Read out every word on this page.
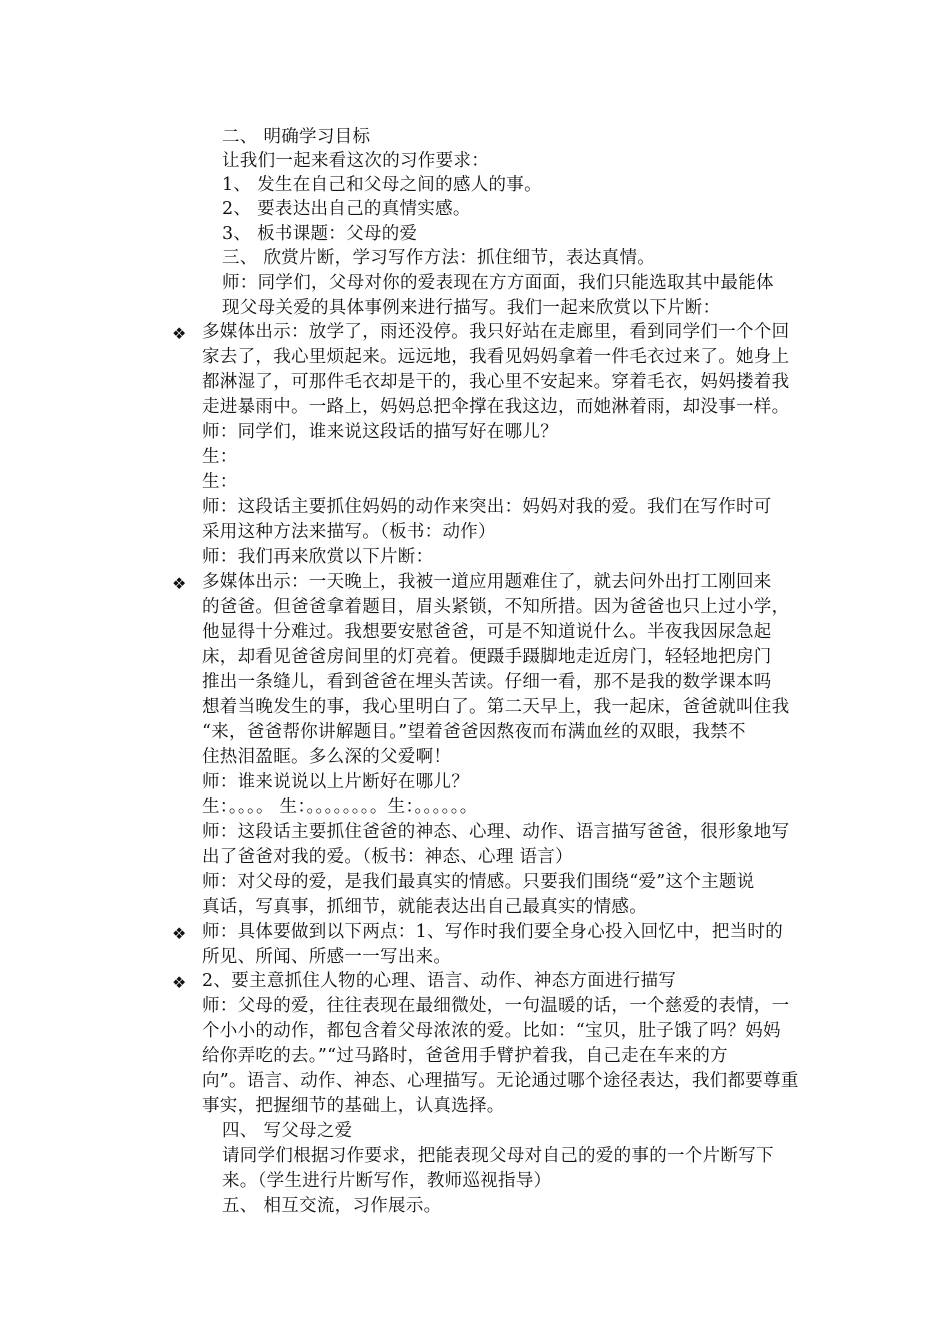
二、 明确学习目标
让我们一起来看这次的习作要求：
1、 发生在自己和父母之间的感人的事。
2、 要表达出自己的真情实感。
3、 板书课题：父母的爱
三、 欣赏片断，学习写作方法：抓住细节，表达真情。
师：同学们，父母对你的爱表现在方方面面，我们只能选取其中最能体
现父母关爱的具体事例来进行描写。我们一起来欣赏以下片断：
❖ 多媒体出示：放学了，雨还没停。我只好站在走廊里，看到同学们一个个回
家去了，我心里烦起来。远远地，我看见妈妈拿着一件毛衣过来了。她身上
都淋湿了，可那件毛衣却是干的，我心里不安起来。穿着毛衣，妈妈搂着我
走进暴雨中。一路上，妈妈总把伞撑在我这边，而她淋着雨，却没事一样。
师：同学们，谁来说这段话的描写好在哪儿？
生：
生：
师：这段话主要抓住妈妈的动作来突出：妈妈对我的爱。我们在写作时可
采用这种方法来描写。（板书：动作）
师：我们再来欣赏以下片断：
❖ 多媒体出示：一天晚上，我被一道应用题难住了，就去问外出打工刚回来
的爸爸。但爸爸拿着题目，眉头紧锁，不知所措。因为爸爸也只上过小学，
他显得十分难过。我想要安慰爸爸，可是不知道说什么。半夜我因尿急起
床，却看见爸爸房间里的灯亮着。便蹑手蹑脚地走近房门，轻轻地把房门
推出一条缝儿，看到爸爸在埋头苦读。仔细一看，那不是我的数学课本吗
想着当晚发生的事，我心里明白了。第二天早上，我一起床，爸爸就叫住我
“来，爸爸帮你讲解题目。”望着爸爸因熬夜而布满血丝的双眼，我禁不
住热泪盈眶。多么深的父爱啊！
师：谁来说说以上片断好在哪儿？
生：。。。。 生：。。。。。。。。生：。。。。。。
师：这段话主要抓住爸爸的神态、心理、动作、语言描写爸爸，很形象地写
出了爸爸对我的爱。（板书：神态、心理 语言）
师：对父母的爱，是我们最真实的情感。只要我们围绕“爱”这个主题说
真话，写真事，抓细节，就能表达出自己最真实的情感。
❖ 师：具体要做到以下两点：1、写作时我们要全身心投入回忆中，把当时的
所见、所闻、所感一一写出来。
❖ 2、要主意抓住人物的心理、语言、动作、神态方面进行描写
师：父母的爱，往往表现在最细微处，一句温暖的话，一个慈爱的表情，一
个小小的动作，都包含着父母浓浓的爱。比如：“宝贝，肚子饿了吗？妈妈
给你弄吃的去。”“过马路时，爸爸用手臂护着我，自己走在车来的方
向”。语言、动作、神态、心理描写。无论通过哪个途径表达，我们都要尊重
事实，把握细节的基础上，认真选择。
四、 写父母之爱
请同学们根据习作要求，把能表现父母对自己的爱的事的一个片断写下
来。（学生进行片断写作，教师巡视指导）
五、 相互交流，习作展示。
